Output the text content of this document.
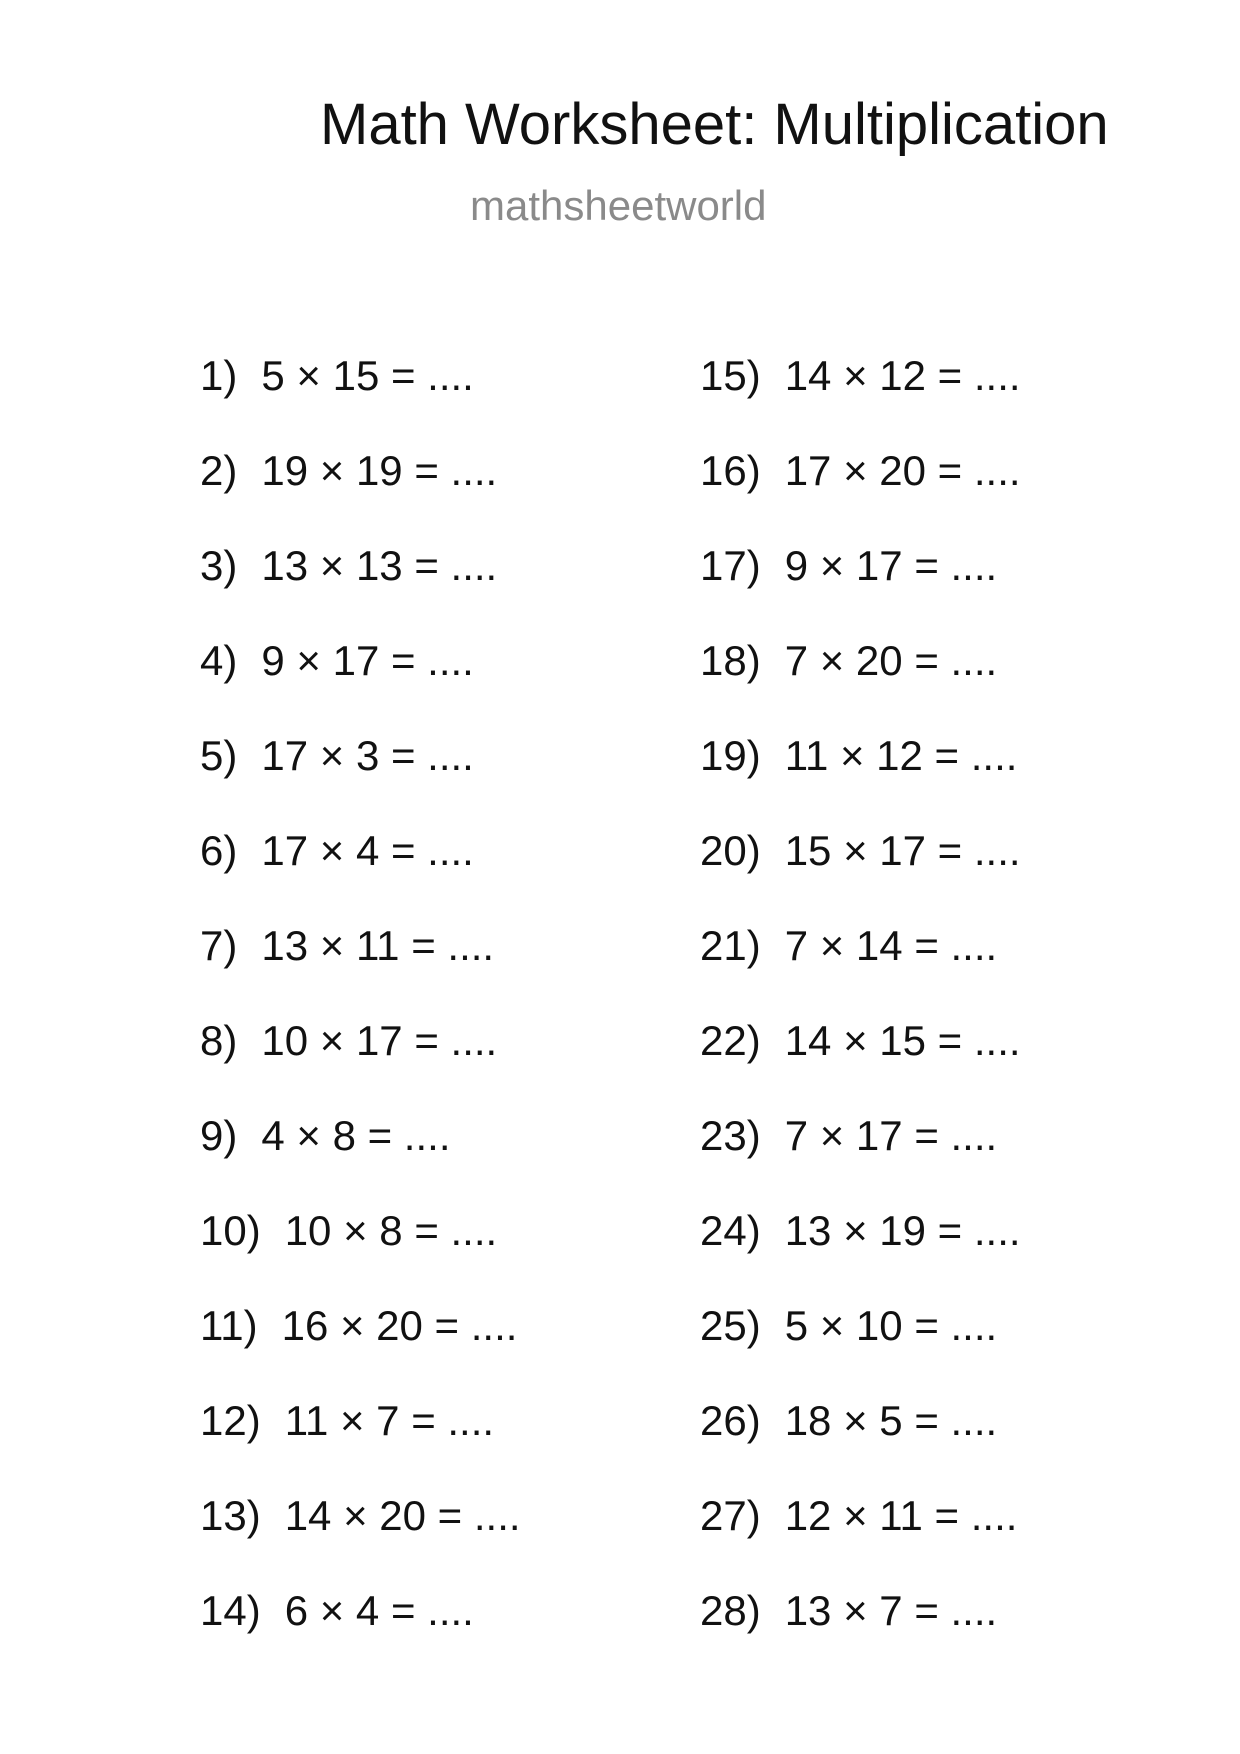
Math Worksheet: Multiplication
mathsheetworld
1) 5 × 15 = ....
2) 19 × 19 = ....
3) 13 × 13 = ....
4) 9 × 17 = ....
5) 17 × 3 = ....
6) 17 × 4 = ....
7) 13 × 11 = ....
8) 10 × 17 = ....
9) 4 × 8 = ....
10) 10 × 8 = ....
11) 16 × 20 = ....
12) 11 × 7 = ....
13) 14 × 20 = ....
14) 6 × 4 = ....
15) 14 × 12 = ....
16) 17 × 20 = ....
17) 9 × 17 = ....
18) 7 × 20 = ....
19) 11 × 12 = ....
20) 15 × 17 = ....
21) 7 × 14 = ....
22) 14 × 15 = ....
23) 7 × 17 = ....
24) 13 × 19 = ....
25) 5 × 10 = ....
26) 18 × 5 = ....
27) 12 × 11 = ....
28) 13 × 7 = ....
